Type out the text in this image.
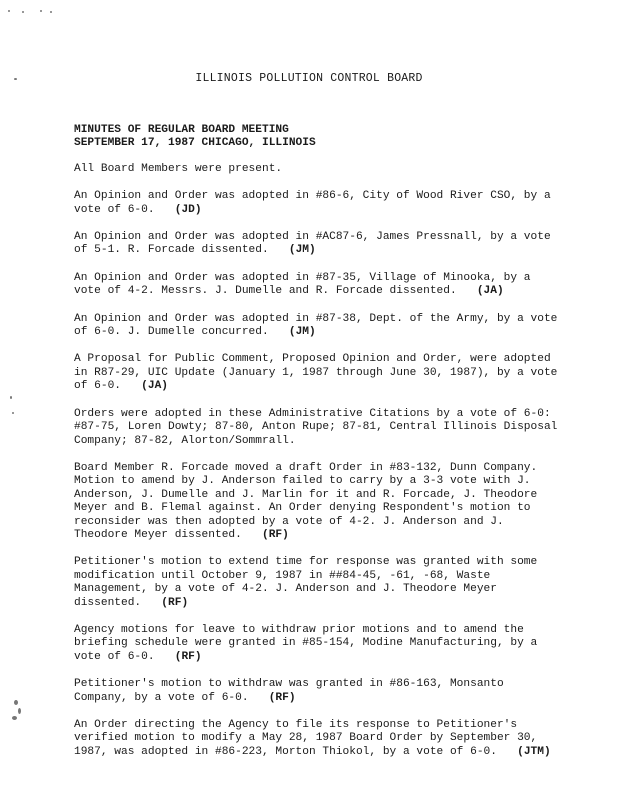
ILLINOIS POLLUTION CONTROL BOARD

MINUTES OF REGULAR BOARD MEETING

SEPTEMBER 17, 1987 CHICAGO, ILLINOIS

All Board Members were present.

An Opinion and Order was adopted in #86-6, City of Wood River CSO, by a vote of 6-0. (JD)

An Opinion and Order was adopted in #AC87-6, James Pressnall, by a vote of 5-1. R. Forcade dissented. (JM)

An Opinion and Order was adopted in #87-35, Village of Minooka, by a vote of 4-2. Messrs. J. Dumelle and R. Forcade dissented. (JA)

An Opinion and Order was adopted in #87-38, Dept. of the Army, by a vote of 6-0. J. Dumelle concurred. (JM)

A Proposal for Public Comment, Proposed Opinion and Order, were adopted in R87-29, UIC Update (January 1, 1987 through June 30, 1987), by a vote of 6-0. (JA)

Orders were adopted in these Administrative Citations by a vote of 6-0: #87-75, Loren Dowty; 87-80, Anton Rupe; 87-81, Central Illinois Disposal Company; 87-82, Alorton/Sommrall.

Board Member R. Forcade moved a draft Order in #83-132, Dunn Company. Motion to amend by J. Anderson failed to carry by a 3-3 vote with J. Anderson, J. Dumelle and J. Marlin for it and R. Forcade, J. Theodore Meyer and B. Flemal against. An Order denying Respondent's motion to reconsider was then adopted by a vote of 4-2. J. Anderson and J. Theodore Meyer dissented. (RF)

Petitioner's motion to extend time for response was granted with some modification until October 9, 1987 in ##84-45, -61, -68, Waste Management, by a vote of 4-2. J. Anderson and J. Theodore Meyer dissented. (RF)

Agency motions for leave to withdraw prior motions and to amend the briefing schedule were granted in #85-154, Modine Manufacturing, by a vote of 6-0. (RF)

Petitioner's motion to withdraw was granted in #86-163, Monsanto Company, by a vote of 6-0. (RF)

An Order directing the Agency to file its response to Petitioner's verified motion to modify a May 28, 1987 Board Order by September 30, 1987, was adopted in #86-223, Morton Thiokol, by a vote of 6-0. (JTM)
